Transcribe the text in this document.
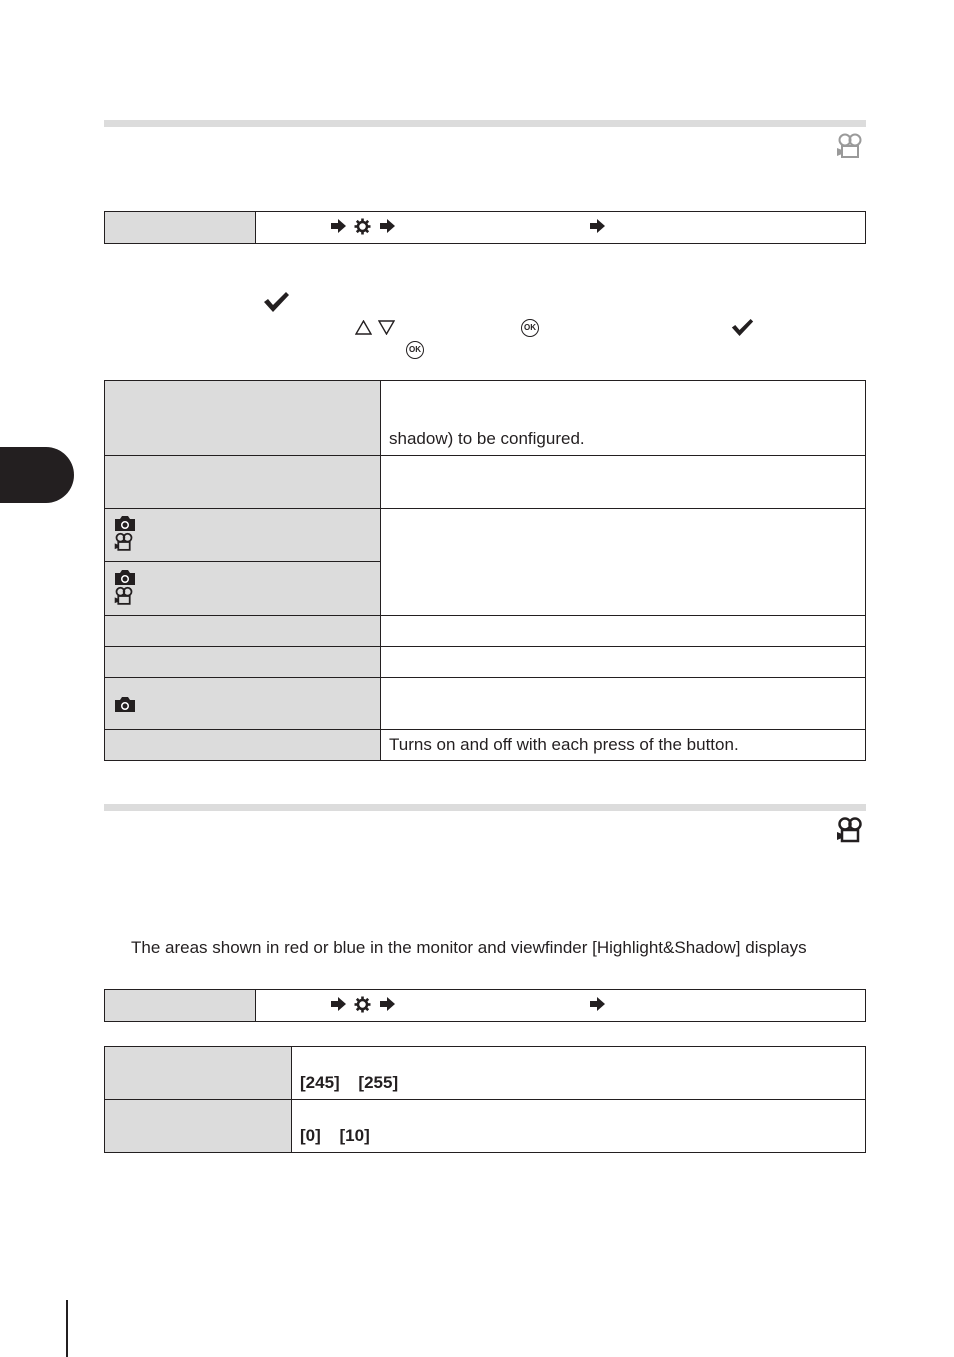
OK
OK
	shadow) to be configured.

	Turns on and off with each press of the button.
The areas shown in red or blue in the monitor and viewfinder [Highlight&Shadow] displays
	[245] [255]
	[0] [10]
